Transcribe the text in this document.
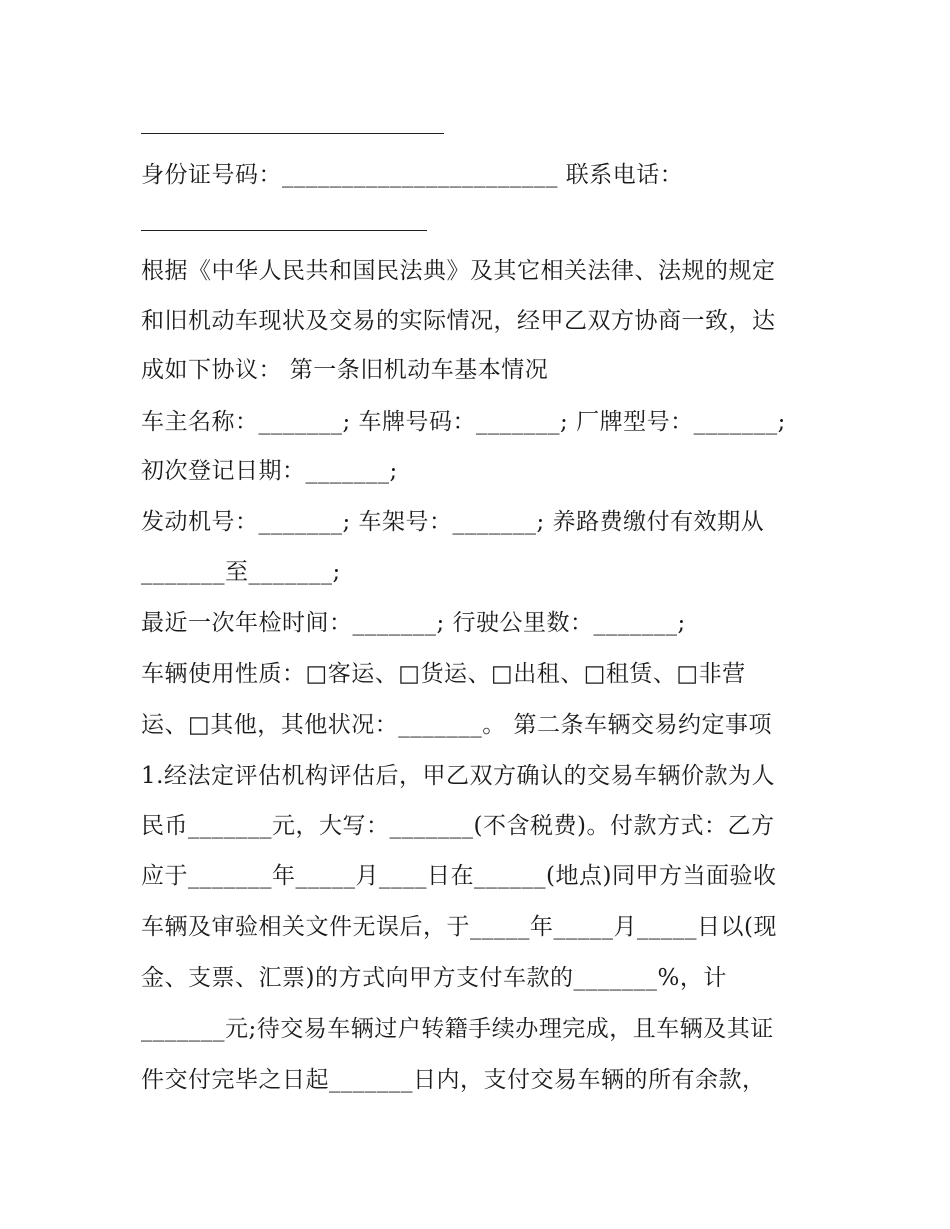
身份证号码：_______________________ 联系电话：
根据《中华人民共和国民法典》及其它相关法律、法规的规定
和旧机动车现状及交易的实际情况，经甲乙双方协商一致，达
成如下协议： 第一条旧机动车基本情况
车主名称：_______; 车牌号码：_______; 厂牌型号：_______;
初次登记日期：_______;
发动机号：_______; 车架号：_______; 养路费缴付有效期从
_______至_______;
最近一次年检时间：_______; 行驶公里数：_______;
车辆使用性质：□客运、□货运、□出租、□租赁、□非营
运、□其他，其他状况：_______。 第二条车辆交易约定事项
1.经法定评估机构评估后，甲乙双方确认的交易车辆价款为人
民币_______元，大写：_______(不含税费)。付款方式：乙方
应于_______年_____月____日在______(地点)同甲方当面验收
车辆及审验相关文件无误后，于_____年_____月_____日以(现
金、支票、汇票)的方式向甲方支付车款的_______%，计
_______元;待交易车辆过户转籍手续办理完成，且车辆及其证
件交付完毕之日起_______日内，支付交易车辆的所有余款，
